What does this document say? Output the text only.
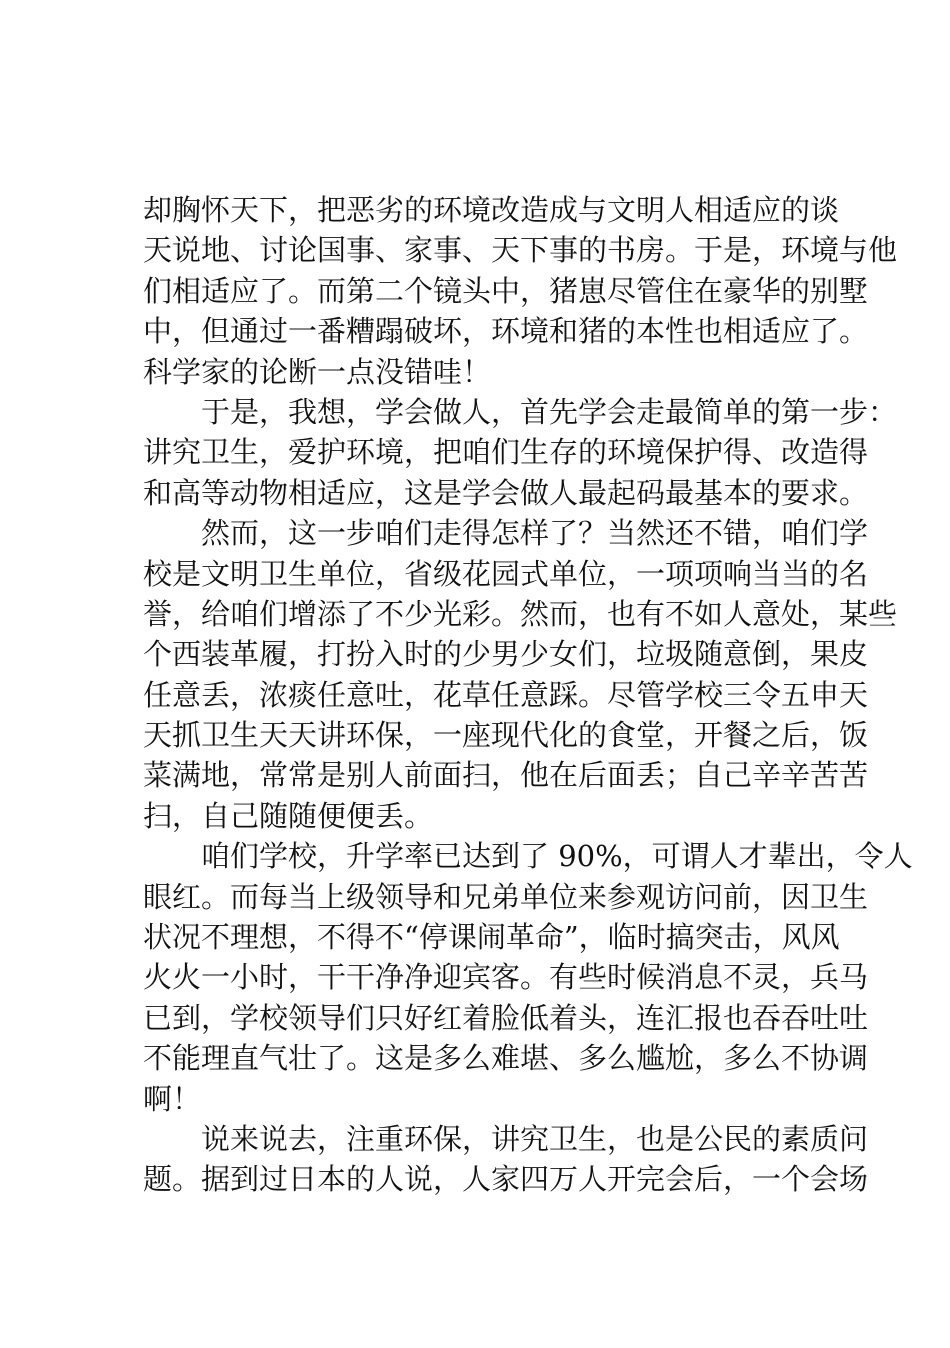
却胸怀天下，把恶劣的环境改造成与文明人相适应的谈
天说地、讨论国事、家事、天下事的书房。于是，环境与他
们相适应了。而第二个镜头中，猪崽尽管住在豪华的别墅
中，但通过一番糟蹋破坏，环境和猪的本性也相适应了。
科学家的论断一点没错哇！
于是，我想，学会做人，首先学会走最简单的第一步：
讲究卫生，爱护环境，把咱们生存的环境保护得、改造得
和高等动物相适应，这是学会做人最起码最基本的要求。
然而，这一步咱们走得怎样了？当然还不错，咱们学
校是文明卫生单位，省级花园式单位，一项项响当当的名
誉，给咱们增添了不少光彩。然而，也有不如人意处，某些
个西装革履，打扮入时的少男少女们，垃圾随意倒，果皮
任意丢，浓痰任意吐，花草任意踩。尽管学校三令五申天
天抓卫生天天讲环保，一座现代化的食堂，开餐之后，饭
菜满地，常常是别人前面扫，他在后面丢；自己辛辛苦苦
扫，自己随随便便丢。
咱们学校，升学率已达到了 90%，可谓人才辈出，令人
眼红。而每当上级领导和兄弟单位来参观访问前，因卫生
状况不理想，不得不“停课闹革命”，临时搞突击，风风
火火一小时，干干净净迎宾客。有些时候消息不灵，兵马
已到，学校领导们只好红着脸低着头，连汇报也吞吞吐吐
不能理直气壮了。这是多么难堪、多么尴尬，多么不协调
啊！
说来说去，注重环保，讲究卫生，也是公民的素质问
题。据到过日本的人说，人家四万人开完会后，一个会场
